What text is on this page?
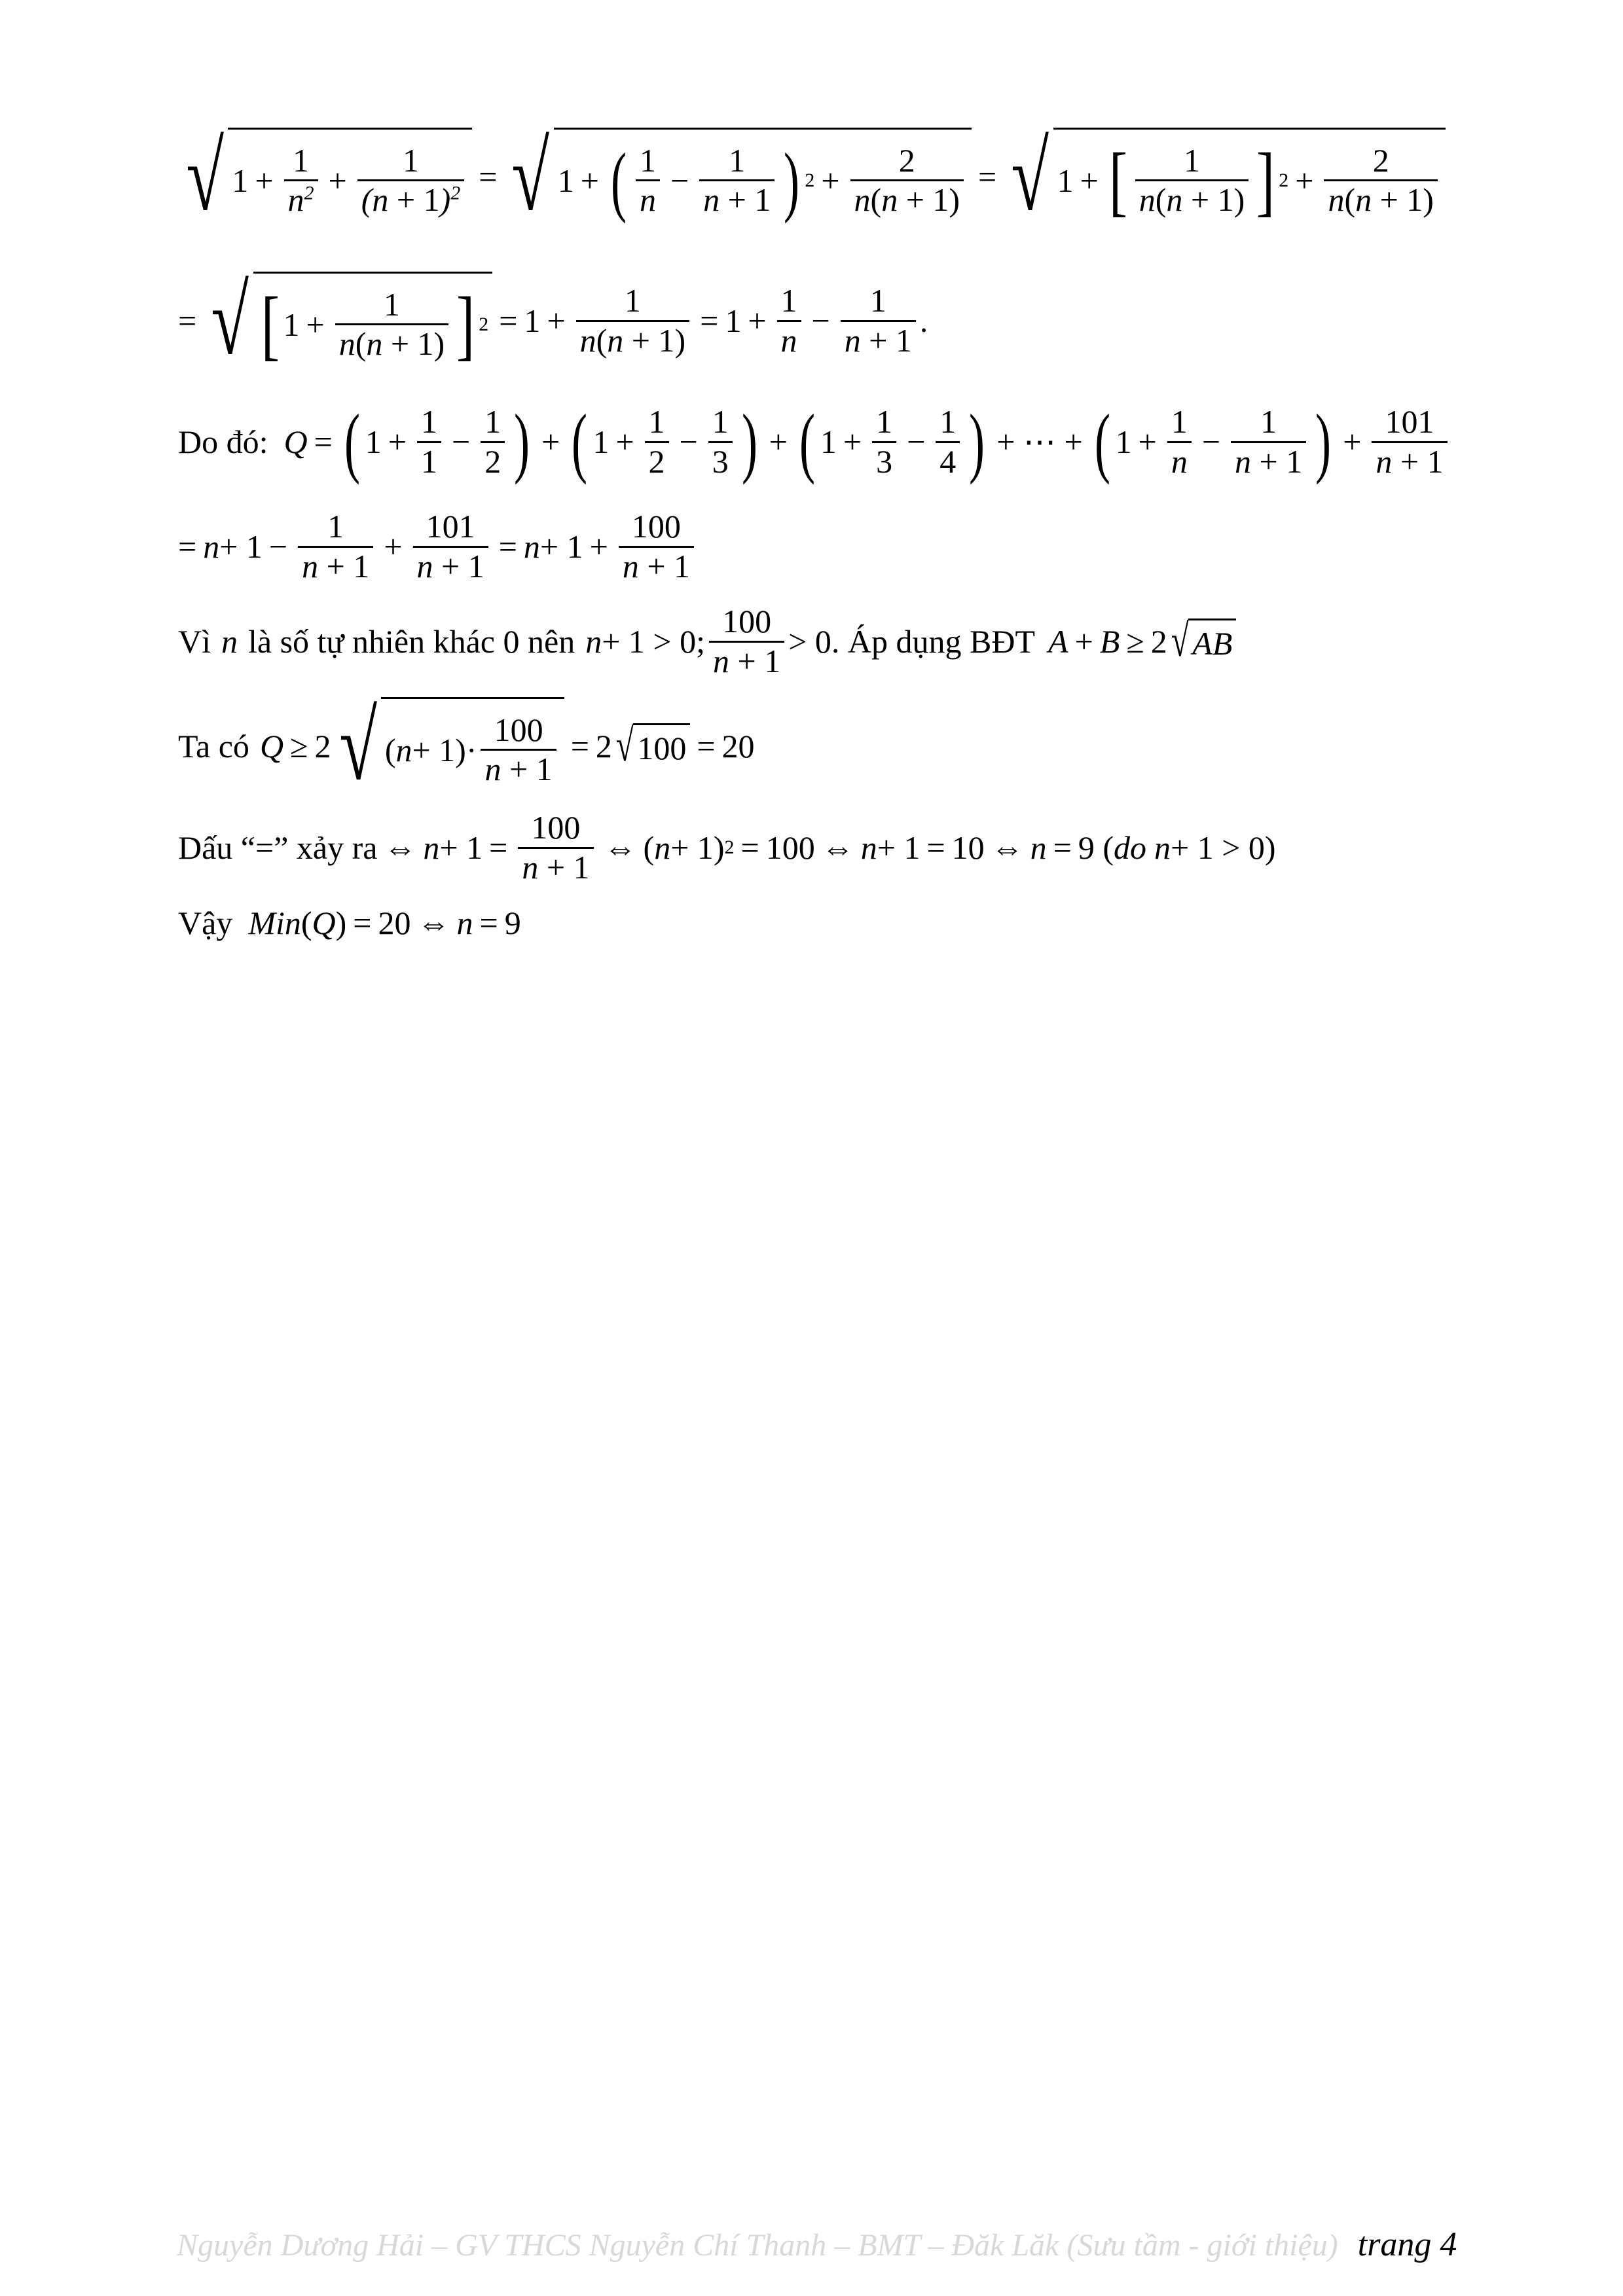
√ $1 + \frac{1}{n^2} + \frac{1}{(n + 1)^2}$ = √ 1 + ( $\frac{1}{n} - \frac{1}{n + 1}$ ) $2 + \frac{2}{n(n + 1)}$ = √ 1 + [ $\frac{1}{n(n + 1)}$ ] $2 + \frac{2}{n(n + 1)}$
= √ [ $1 + \frac{1}{n(n + 1)}$ ] $2 = 1 + \frac{1}{n(n + 1)} = 1 + \frac{1}{n} - \frac{1}{n + 1}$ .
Do đó: Q = ( $1 + \frac{1}{1} - \frac{1}{2}$ ) + ( $1 + \frac{1}{2} - \frac{1}{3}$ ) + ( $1 + \frac{1}{3} - \frac{1}{4}$ ) + ⋯ + ( $1 + \frac{1}{n} - \frac{1}{n + 1}$ ) + $\frac{101}{n + 1}$
= $n + 1 - \frac{1}{n + 1} + \frac{101}{n + 1} = n + 1 + \frac{100}{n + 1}$
Vì n là số tự nhiên khác 0 nên n + 1 > 0; $\frac{100}{n + 1} > 0$ . Áp dụng BĐT A + B ≥ 2 √ AB
Ta có Q ≥ 2 √ ( $n + 1)\cdot \frac{100}{n + 1} = 2$ √ 100 = 20
Dấu “=” xảy ra ⇔ $n + 1 = \frac{100}{n + 1}$ ⇔ ( n + 1) 2 = 100 ⇔ n + 1 = 10 ⇔ n = 9 ( do n + 1 > 0)
Vậy Min ( Q ) = 20 ⇔ n = 9
Nguyễn Dương Hải – GV THCS Nguyễn Chí Thanh – BMT – Đăk Lăk (Sưu tầm - giới thiệu) trang 4
